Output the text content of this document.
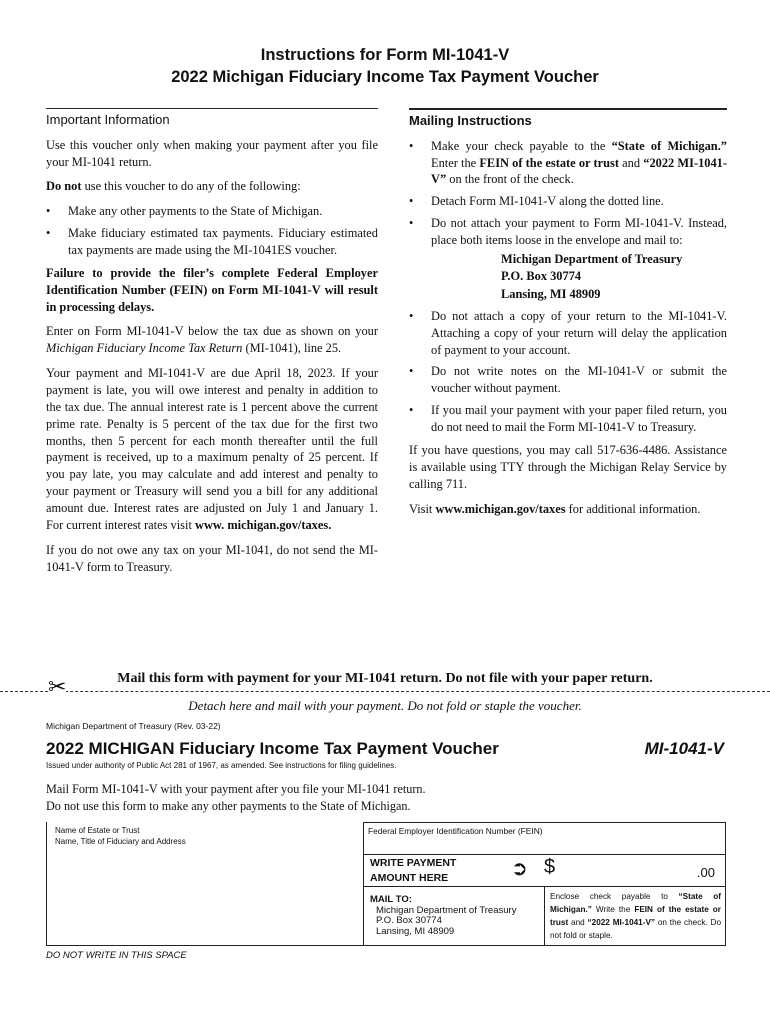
Instructions for Form MI-1041-V
2022 Michigan Fiduciary Income Tax Payment Voucher
Important Information

Use this voucher only when making your payment after you file your MI-1041 return.

Do not use this voucher to do any of the following:

• Make any other payments to the State of Michigan.
• Make fiduciary estimated tax payments. Fiduciary estimated tax payments are made using the MI-1041ES voucher.

Failure to provide the filer’s complete Federal Employer Identification Number (FEIN) on Form MI-1041-V will result in processing delays.

Enter on Form MI-1041-V below the tax due as shown on your Michigan Fiduciary Income Tax Return (MI-1041), line 25.

Your payment and MI-1041-V are due April 18, 2023. If your payment is late, you will owe interest and penalty in addition to the tax due. The annual interest rate is 1 percent above the current prime rate. Penalty is 5 percent of the tax due for the first two months, then 5 percent for each month thereafter until the full payment is received, up to a maximum penalty of 25 percent. If you pay late, you may calculate and add interest and penalty to your payment or Treasury will send you a bill for any additional amount due. Interest rates are adjusted on July 1 and January 1. For current interest rates visit www. michigan.gov/taxes.

If you do not owe any tax on your MI-1041, do not send the MI-1041-V form to Treasury.

Mailing Instructions
• Make your check payable to the “State of Michigan.” Enter the FEIN of the estate or trust and “2022 MI-1041-V” on the front of the check.
• Detach Form MI-1041-V along the dotted line.
• Do not attach your payment to Form MI-1041-V. Instead, place both items loose in the envelope and mail to:
Michigan Department of Treasury
P.O. Box 30774
Lansing, MI 48909
• Do not attach a copy of your return to the MI-1041-V. Attaching a copy of your return will delay the application of payment to your account.
• Do not write notes on the MI-1041-V or submit the voucher without payment.
• If you mail your payment with your paper filed return, you do not need to mail the Form MI-1041-V to Treasury.

If you have questions, you may call 517-636-4486. Assistance is available using TTY through the Michigan Relay Service by calling 711.

Visit www.michigan.gov/taxes for additional information.

Mail this form with payment for your MI-1041 return. Do not file with your paper return.
✂
Detach here and mail with your payment. Do not fold or staple the voucher.
Michigan Department of Treasury (Rev. 03-22)
2022 MICHIGAN Fiduciary Income Tax Payment Voucher	MI-1041-V
Issued under authority of Public Act 281 of 1967, as amended. See instructions for filing guidelines.
Mail Form MI-1041-V with your payment after you file your MI-1041 return.
Do not use this form to make any other payments to the State of Michigan.
Name of Estate or Trust
Name, Title of Fiduciary and Address
Federal Employer Identification Number (FEIN)
WRITE PAYMENT
AMOUNT HERE	➲ $	.00
MAIL TO:
Michigan Department of Treasury
P.O. Box 30774
Lansing, MI 48909
Enclose check payable to “State of Michigan.” Write the FEIN of the estate or trust and “2022 MI-1041-V” on the check. Do not fold or staple.
DO NOT WRITE IN THIS SPACE
